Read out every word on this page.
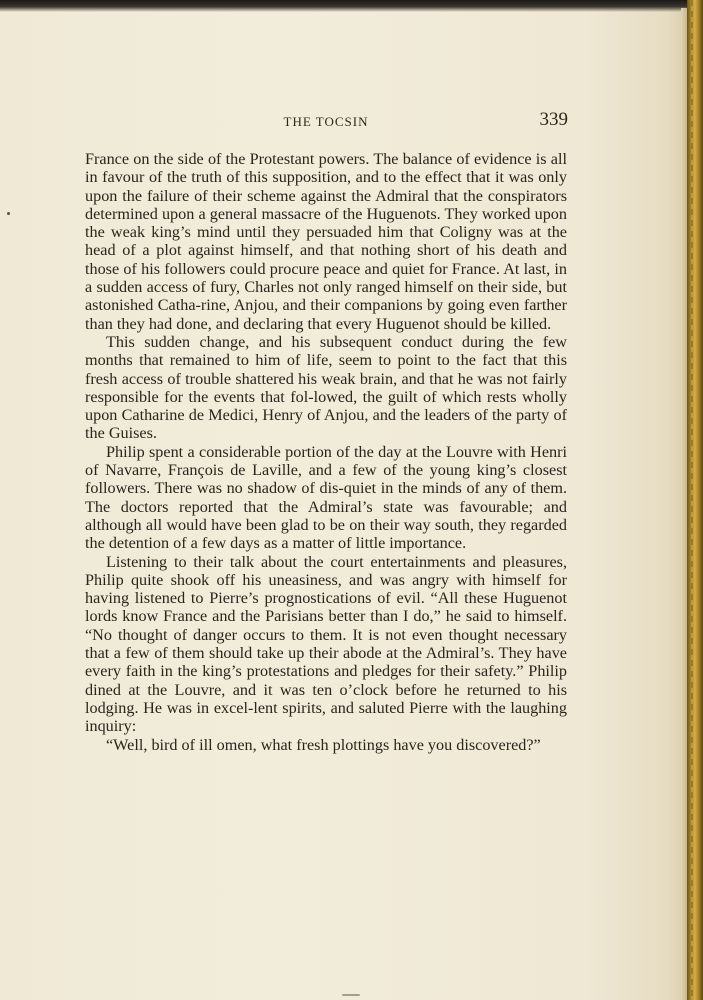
THE TOCSIN	339

France on the side of the Protestant powers. The balance of evidence is all in favour of the truth of this supposition, and to the effect that it was only upon the failure of their scheme against the Admiral that the conspirators determined upon a general massacre of the Huguenots. They worked upon the weak king’s mind until they persuaded him that Coligny was at the head of a plot against himself, and that nothing short of his death and those of his followers could procure peace and quiet for France. At last, in a sudden access of fury, Charles not only ranged himself on their side, but astonished Catha-rine, Anjou, and their companions by going even farther than they had done, and declaring that every Huguenot should be killed.

This sudden change, and his subsequent conduct during the few months that remained to him of life, seem to point to the fact that this fresh access of trouble shattered his weak brain, and that he was not fairly responsible for the events that fol-lowed, the guilt of which rests wholly upon Catharine de Medici, Henry of Anjou, and the leaders of the party of the Guises.

Philip spent a considerable portion of the day at the Louvre with Henri of Navarre, François de Laville, and a few of the young king’s closest followers. There was no shadow of dis-quiet in the minds of any of them. The doctors reported that the Admiral’s state was favourable; and although all would have been glad to be on their way south, they regarded the detention of a few days as a matter of little importance.

Listening to their talk about the court entertainments and pleasures, Philip quite shook off his uneasiness, and was angry with himself for having listened to Pierre’s prognostications of evil. “All these Huguenot lords know France and the Parisians better than I do,” he said to himself. “No thought of danger occurs to them. It is not even thought necessary that a few of them should take up their abode at the Admiral’s. They have every faith in the king’s protestations and pledges for their safety.” Philip dined at the Louvre, and it was ten o’clock before he returned to his lodging. He was in excel-lent spirits, and saluted Pierre with the laughing inquiry:

“Well, bird of ill omen, what fresh plottings have you discovered?”
